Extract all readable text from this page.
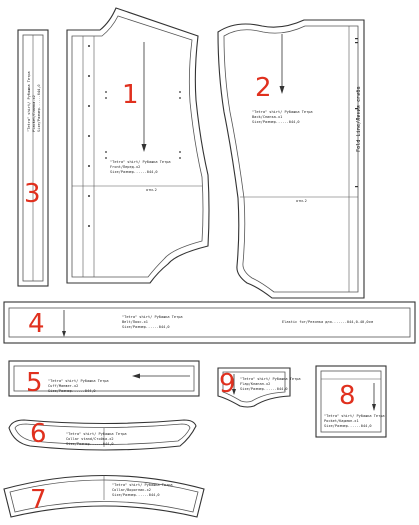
"Tetra" shirt/ Рубашка Тетра Placket/Планка-х2 Size/Размер......044,0
3
1
"Tetra" shirt/ Рубашка Тетра
Front/Перед-х2
Size/Размер......044,0
отм.2
2
"Tetra" shirt/ Рубашка Тетра
Back/Спинка-х1
Size/Размер......044,0	Fold Line/Линия сгиба
отм.2
4	"Tetra" shirt/ Рубашка Тетра
Belt/Пояс-х1
Size/Размер......044,0
Elastic for/Резинка для.......044,0-40,0cм
5 "Tetra" shirt/ Рубашка Тетра
Cuff/Манжет-х2
Size/Размер......044,0	9 "Tetra" shirt/ Рубашка Тетра
Flap/Клапан-х2
Size/Размер......044,0 8
"Tetra" shirt/ Рубашка Тетра
Pocket/Карман-х1
Size/Размер......044,0
6	"Tetra" shirt/ Рубашка Тетра
Collar stand/Стойка-х2
Size/Размер......044,0
7	"Tetra" shirt/ Рубашка Тетра
Collar/Воротник-х2
Size/Размер......044,0
